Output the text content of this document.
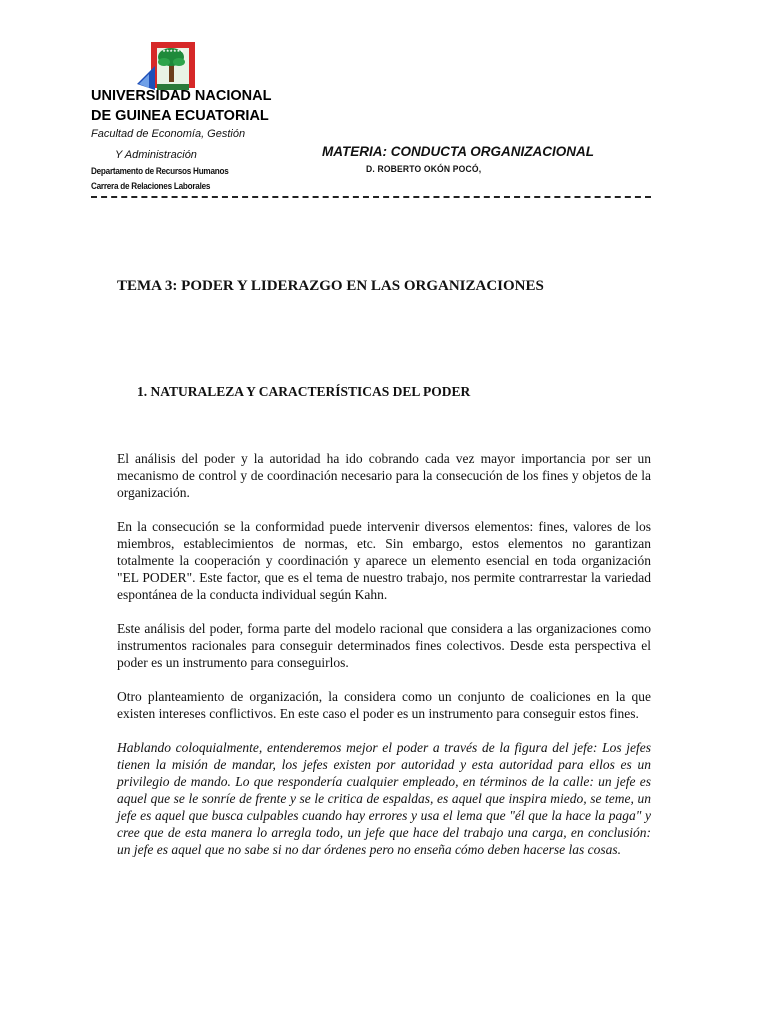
★★★★★★
UNIVERSIDAD NACIONAL
DE GUINEA ECUATORIAL
Facultad de Economía, Gestión
Y Administración
Departamento de Recursos Humanos
Carrera de Relaciones Laborales
MATERIA: CONDUCTA ORGANIZACIONAL
D. ROBERTO OKÓN POCÓ,
TEMA 3: PODER Y LIDERAZGO EN LAS ORGANIZACIONES
1. NATURALEZA Y CARACTERÍSTICAS DEL PODER

El análisis del poder y la autoridad ha ido cobrando cada vez mayor importancia por ser un mecanismo de control y de coordinación necesario para la consecución de los fines y objetos de la organización.

En la consecución se la conformidad puede intervenir diversos elementos: fines, valores de los miembros, establecimientos de normas, etc. Sin embargo, estos elementos no garantizan totalmente la cooperación y coordinación y aparece un elemento esencial en toda organización "EL PODER". Este factor, que es el tema de nuestro trabajo, nos permite contrarrestar la variedad espontánea de la conducta individual según Kahn.

Este análisis del poder, forma parte del modelo racional que considera a las organizaciones como instrumentos racionales para conseguir determinados fines colectivos. Desde esta perspectiva el poder es un instrumento para conseguirlos.

Otro planteamiento de organización, la considera como un conjunto de coaliciones en la que existen intereses conflictivos. En este caso el poder es un instrumento para conseguir estos fines.

Hablando coloquialmente, entenderemos mejor el poder a través de la figura del jefe: Los jefes tienen la misión de mandar, los jefes existen por autoridad y esta autoridad para ellos es un privilegio de mando. Lo que respondería cualquier empleado, en términos de la calle: un jefe es aquel que se le sonríe de frente y se le critica de espaldas, es aquel que inspira miedo, se teme, un jefe es aquel que busca culpables cuando hay errores y usa el lema que "él que la hace la paga" y cree que de esta manera lo arregla todo, un jefe que hace del trabajo una carga, en conclusión: un jefe es aquel que no sabe si no dar órdenes pero no enseña cómo deben hacerse las cosas.
